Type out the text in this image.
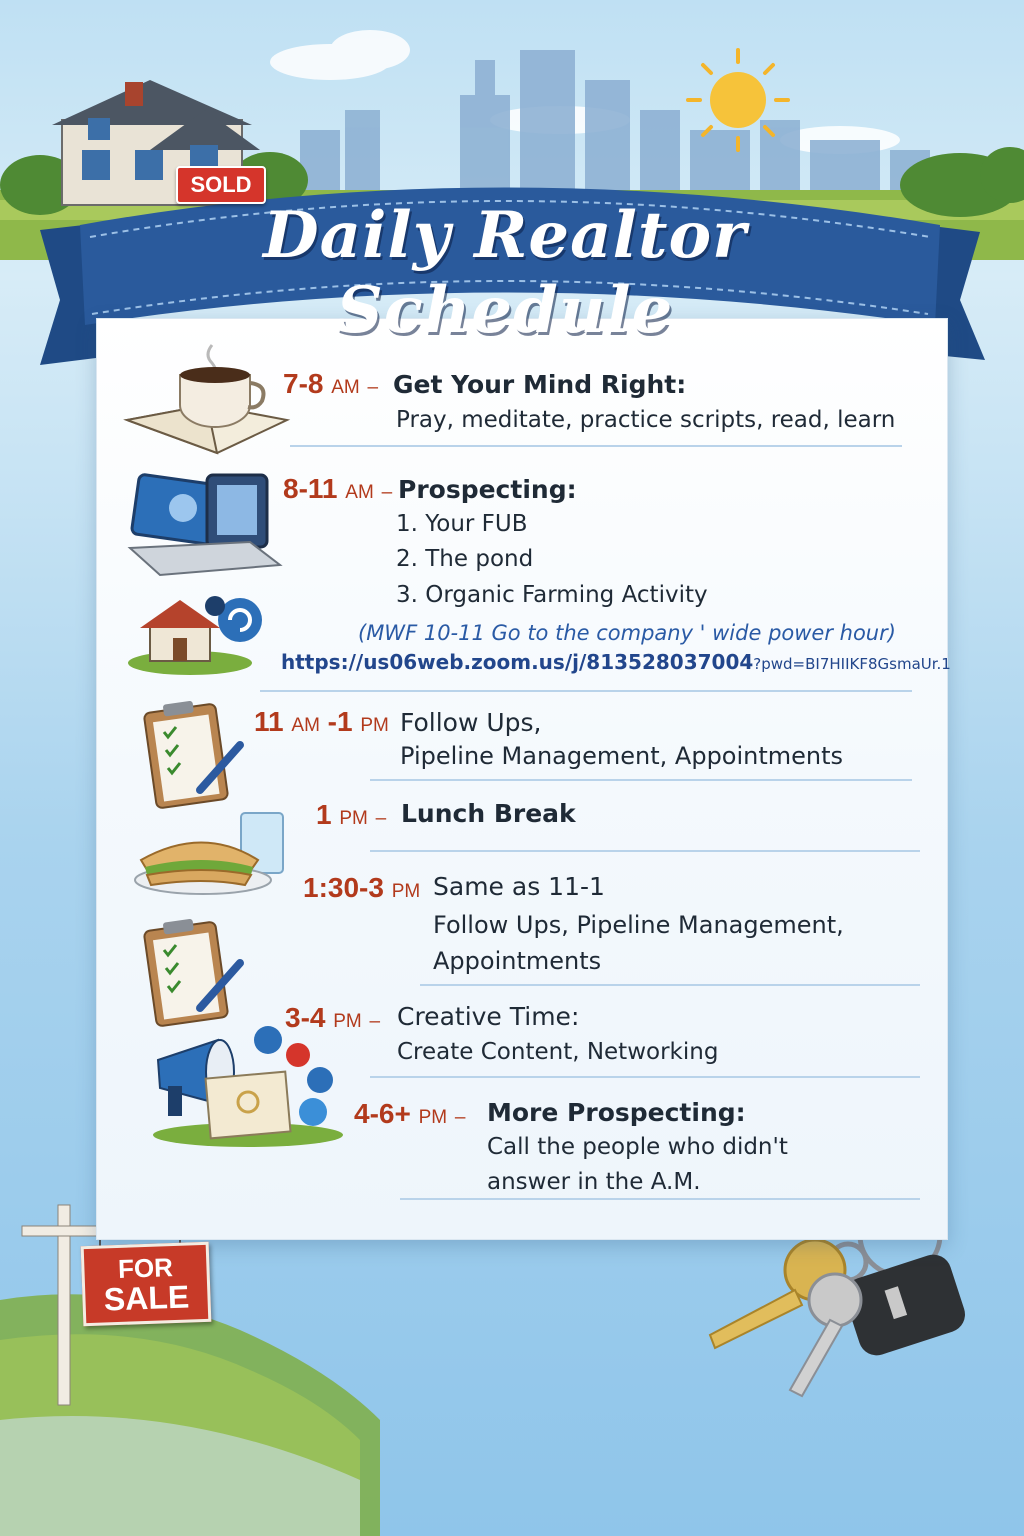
SOLD
Daily Realtor Schedule
7-8 AM – Get Your Mind Right:
Pray, meditate, practice scripts, read, learn
8-11 AM – Prospecting:
1. Your FUB
2. The pond
3. Organic Farming Activity
(MWF 10-11 Go to the company ' wide power hour)
https://us06web.zoom.us/j/813528037004?pwd=BI7HIIKF8GsmaUr.1
11 AM -1 PM Follow Ups,
Pipeline Management, Appointments
1 PM – Lunch Break
1:30-3 PM Same as 11-1
Follow Ups, Pipeline Management,
Appointments
3-4 PM – Creative Time:
Create Content, Networking
4-6+ PM – More Prospecting:
Call the people who didn't
answer in the A.M.
FOR
SALE
